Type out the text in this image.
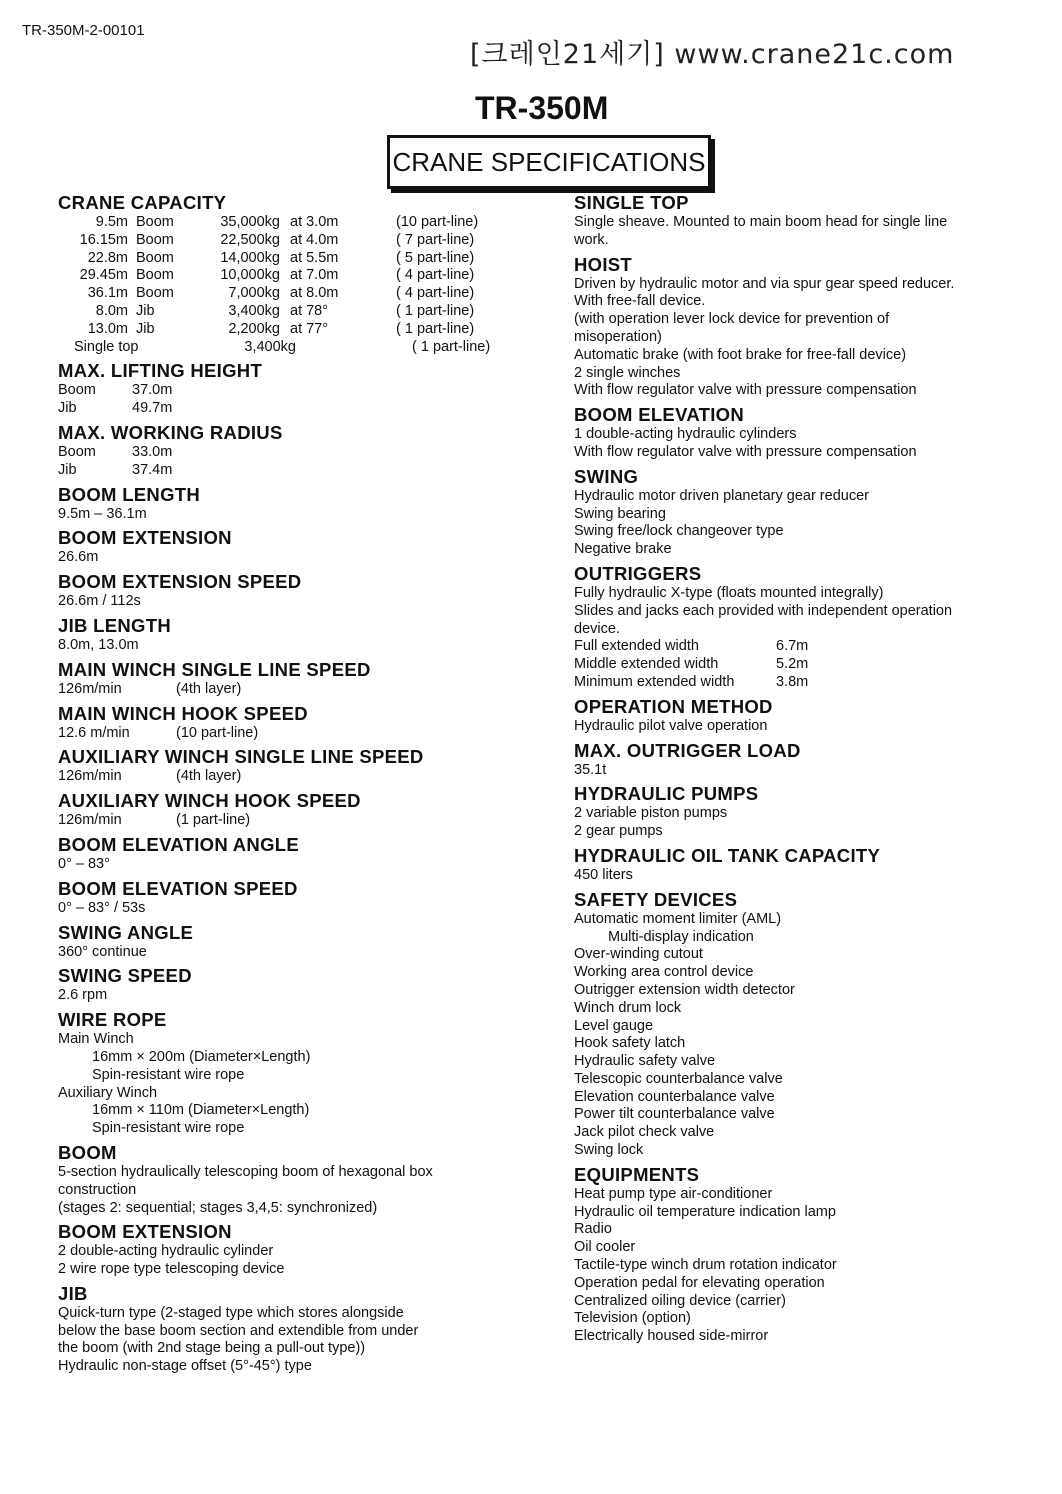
TR-350M-2-00101
[크레인21세기] www.crane21c.com
TR-350M
CRANE SPECIFICATIONS
CRANE CAPACITY
9.5m Boom	35,000kg at 3.0m	(10 part-line)
16.15m Boom	22,500kg at 4.0m	( 7 part-line)
22.8m Boom	14,000kg at 5.5m	( 5 part-line)
29.45m Boom	10,000kg at 7.0m	( 4 part-line)
36.1m Boom	7,000kg at 8.0m	( 4 part-line)
8.0m Jib	3,400kg at 78°	( 1 part-line)
13.0m Jib	2,200kg at 77°	( 1 part-line)
Single top	3,400kg	( 1 part-line)
MAX. LIFTING HEIGHT
Boom	37.0m
Jib	49.7m
MAX. WORKING RADIUS
Boom	33.0m
Jib	37.4m
BOOM LENGTH
9.5m – 36.1m
BOOM EXTENSION
26.6m
BOOM EXTENSION SPEED
26.6m / 112s
JIB LENGTH
8.0m, 13.0m
MAIN WINCH SINGLE LINE SPEED
126m/min	(4th layer)
MAIN WINCH HOOK SPEED
12.6 m/min	(10 part-line)
AUXILIARY WINCH SINGLE LINE SPEED
126m/min	(4th layer)
AUXILIARY WINCH HOOK SPEED
126m/min	(1 part-line)
BOOM ELEVATION ANGLE
0° – 83°
BOOM ELEVATION SPEED
0° – 83° / 53s
SWING ANGLE
360° continue
SWING SPEED
2.6 rpm
WIRE ROPE
Main Winch
16mm × 200m (Diameter×Length)
Spin-resistant wire rope
Auxiliary Winch
16mm × 110m (Diameter×Length)
Spin-resistant wire rope
BOOM
5-section hydraulically telescoping boom of hexagonal box
construction
(stages 2: sequential; stages 3,4,5: synchronized)
BOOM EXTENSION
2 double-acting hydraulic cylinder
2 wire rope type telescoping device
JIB
Quick-turn type (2-staged type which stores alongside
below the base boom section and extendible from under
the boom (with 2nd stage being a pull-out type))
Hydraulic non-stage offset (5°-45°) type
SINGLE TOP
Single sheave. Mounted to main boom head for single line
work.
HOIST
Driven by hydraulic motor and via spur gear speed reducer.
With free-fall device.
(with operation lever lock device for prevention of
misoperation)
Automatic brake (with foot brake for free-fall device)
2 single winches
With flow regulator valve with pressure compensation
BOOM ELEVATION
1 double-acting hydraulic cylinders
With flow regulator valve with pressure compensation
SWING
Hydraulic motor driven planetary gear reducer
Swing bearing
Swing free/lock changeover type
Negative brake
OUTRIGGERS
Fully hydraulic X-type (floats mounted integrally)
Slides and jacks each provided with independent operation
device.
Full extended width	6.7m
Middle extended width	5.2m
Minimum extended width	3.8m
OPERATION METHOD
Hydraulic pilot valve operation
MAX. OUTRIGGER LOAD
35.1t
HYDRAULIC PUMPS
2 variable piston pumps
2 gear pumps
HYDRAULIC OIL TANK CAPACITY
450 liters
SAFETY DEVICES
Automatic moment limiter (AML)
Multi-display indication
Over-winding cutout
Working area control device
Outrigger extension width detector
Winch drum lock
Level gauge
Hook safety latch
Hydraulic safety valve
Telescopic counterbalance valve
Elevation counterbalance valve
Power tilt counterbalance valve
Jack pilot check valve
Swing lock
EQUIPMENTS
Heat pump type air-conditioner
Hydraulic oil temperature indication lamp
Radio
Oil cooler
Tactile-type winch drum rotation indicator
Operation pedal for elevating operation
Centralized oiling device (carrier)
Television (option)
Electrically housed side-mirror
